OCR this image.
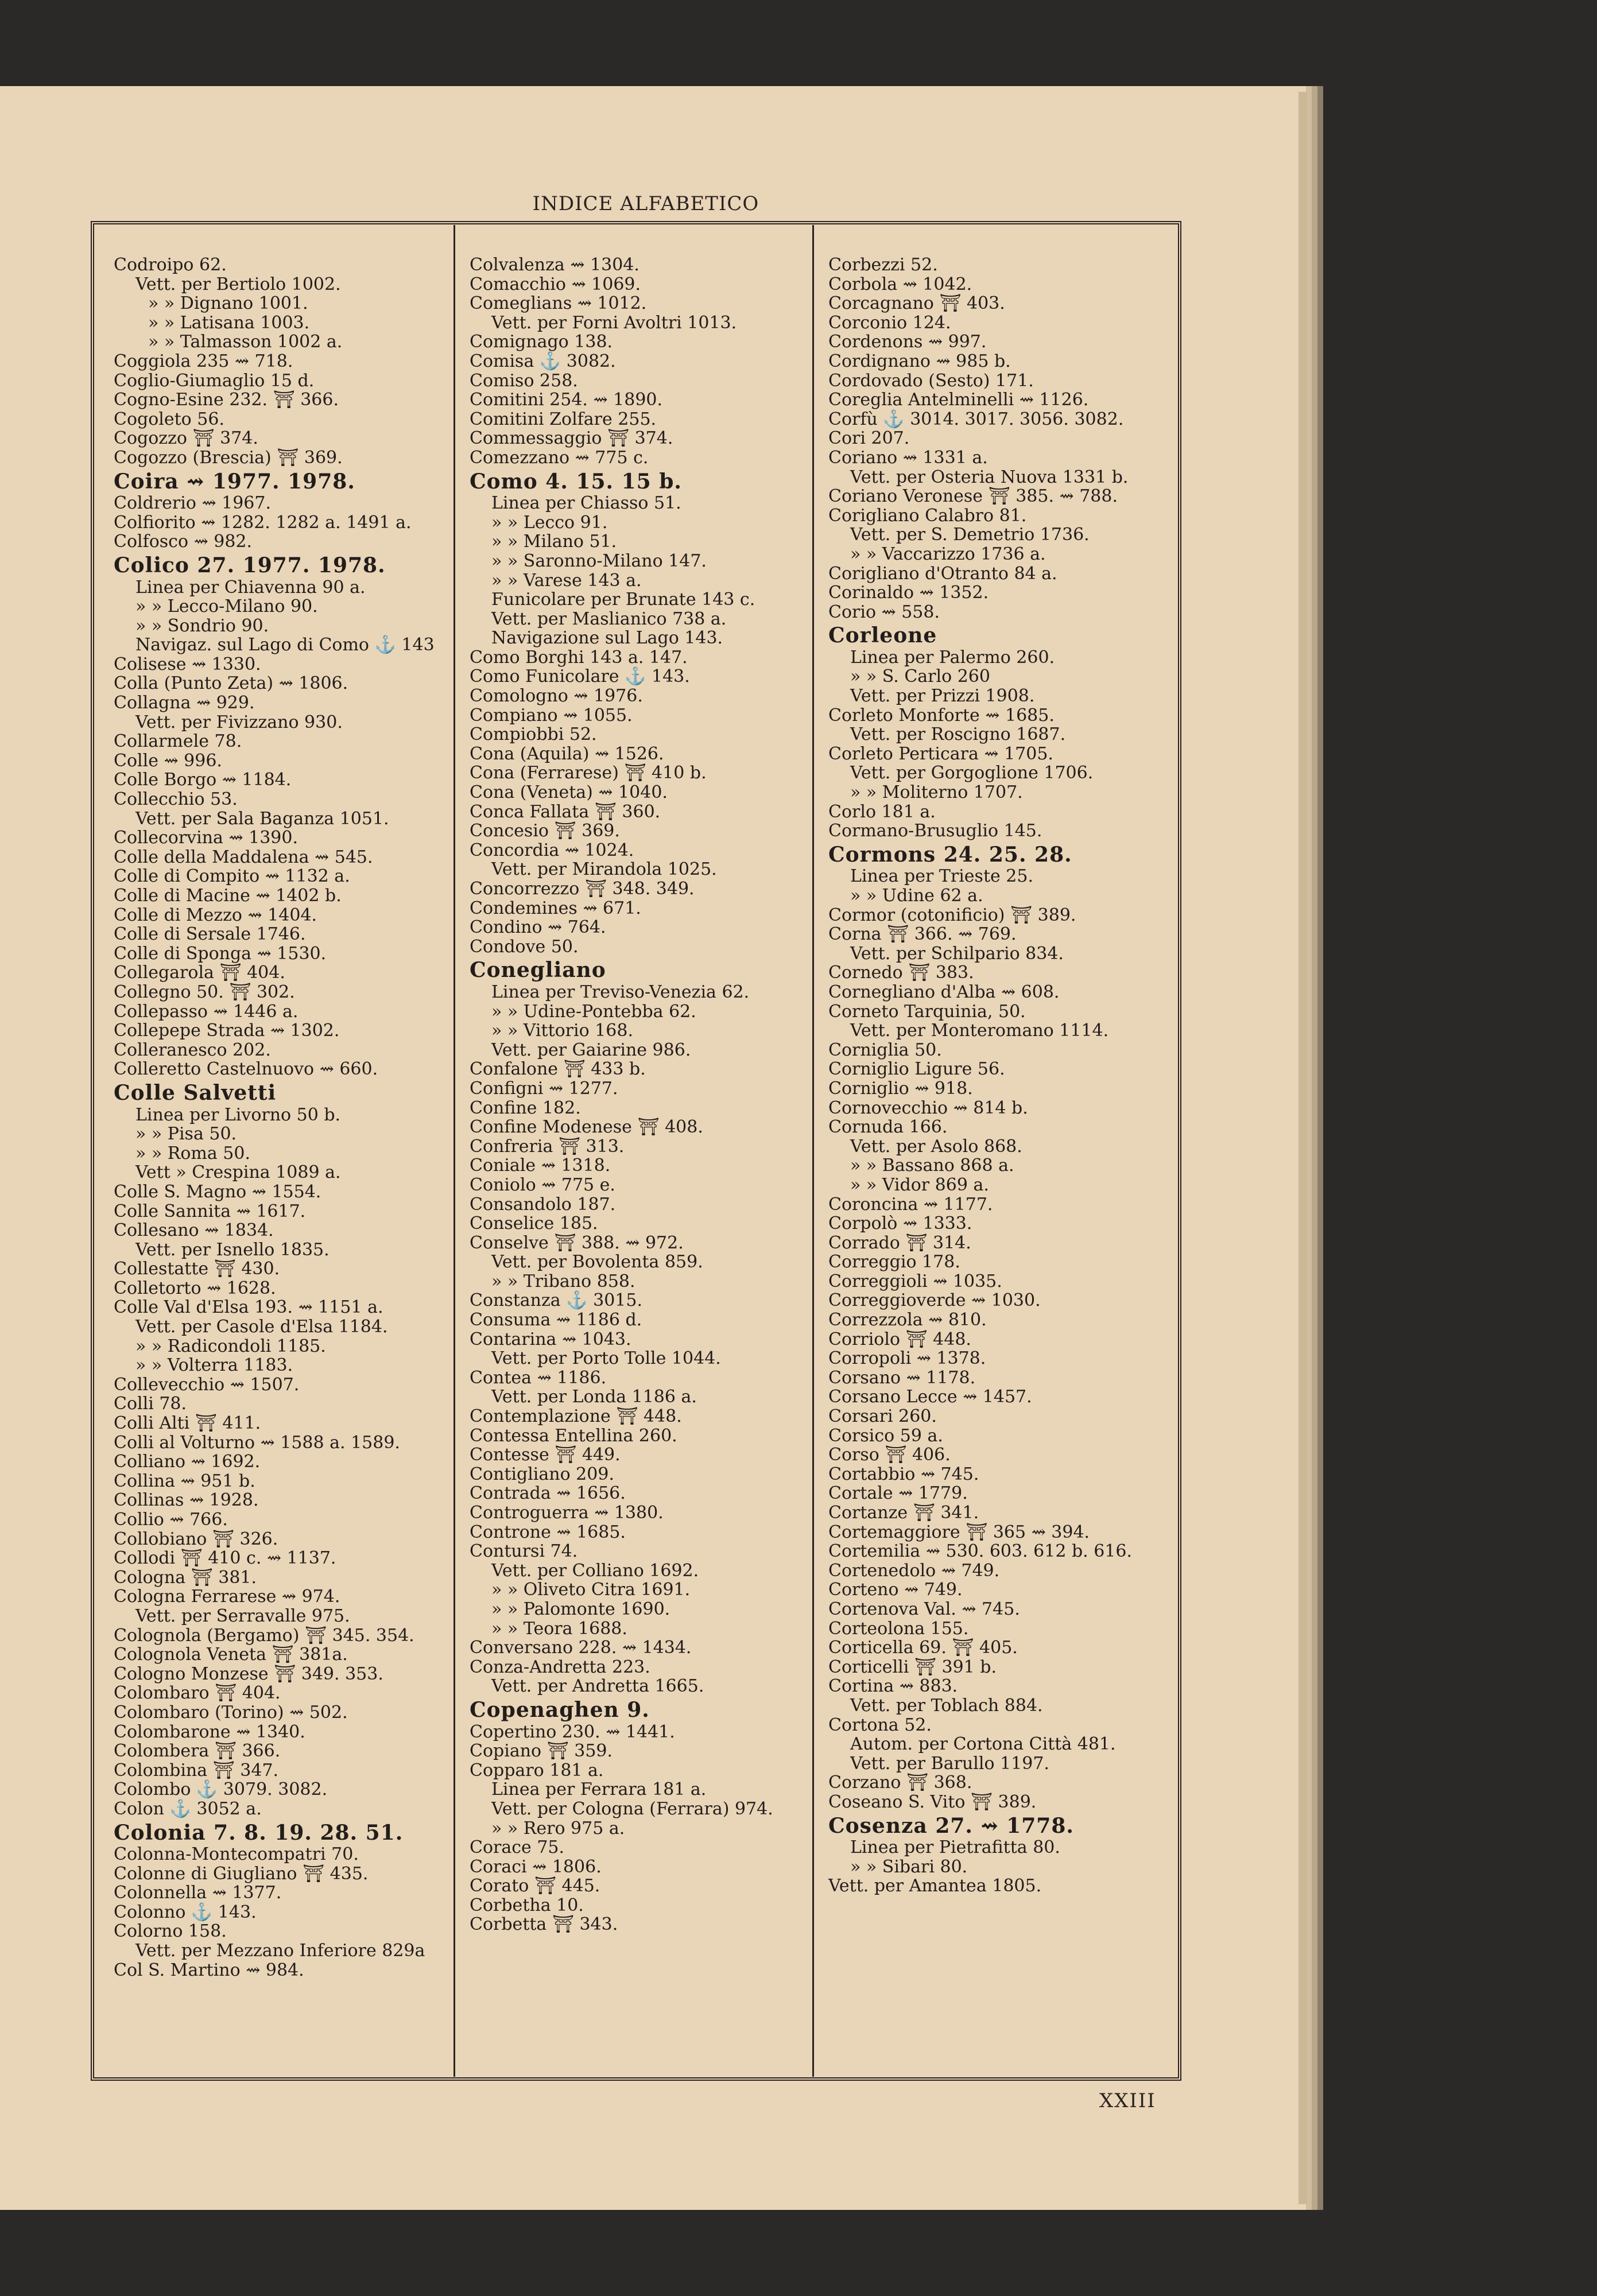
INDICE ALFABETICO
Codroipo 62.
Vett. per Bertiolo 1002.
» » Dignano 1001.
» » Latisana 1003.
» » Talmasson 1002 a.
Coggiola 235 ⇝ 718.
Coglio-Giumaglio 15 d.
Cogno-Esine 232. ⛩ 366.
Cogoleto 56.
Cogozzo ⛩ 374.
Cogozzo (Brescia) ⛩ 369.
Coira ⇝ 1977. 1978.
Coldrerio ⇝ 1967.
Colfiorito ⇝ 1282. 1282 a. 1491 a.
Colfosco ⇝ 982.
Colico 27. 1977. 1978.
Linea per Chiavenna 90 a.
» » Lecco-Milano 90.
» » Sondrio 90.
Navigaz. sul Lago di Como ⚓ 143
Colisese ⇝ 1330.
Colla (Punto Zeta) ⇝ 1806.
Collagna ⇝ 929.
Vett. per Fivizzano 930.
Collarmele 78.
Colle ⇝ 996.
Colle Borgo ⇝ 1184.
Collecchio 53.
Vett. per Sala Baganza 1051.
Collecorvina ⇝ 1390.
Colle della Maddalena ⇝ 545.
Colle di Compito ⇝ 1132 a.
Colle di Macine ⇝ 1402 b.
Colle di Mezzo ⇝ 1404.
Colle di Sersale 1746.
Colle di Sponga ⇝ 1530.
Collegarola ⛩ 404.
Collegno 50. ⛩ 302.
Collepasso ⇝ 1446 a.
Collepepe Strada ⇝ 1302.
Colleranesco 202.
Colleretto Castelnuovo ⇝ 660.
Colle Salvetti
Linea per Livorno 50 b.
» » Pisa 50.
» » Roma 50.
Vett » Crespina 1089 a.
Colle S. Magno ⇝ 1554.
Colle Sannita ⇝ 1617.
Collesano ⇝ 1834.
Vett. per Isnello 1835.
Collestatte ⛩ 430.
Colletorto ⇝ 1628.
Colle Val d'Elsa 193. ⇝ 1151 a.
Vett. per Casole d'Elsa 1184.
» » Radicondoli 1185.
» » Volterra 1183.
Collevecchio ⇝ 1507.
Colli 78.
Colli Alti ⛩ 411.
Colli al Volturno ⇝ 1588 a. 1589.
Colliano ⇝ 1692.
Collina ⇝ 951 b.
Collinas ⇝ 1928.
Collio ⇝ 766.
Collobiano ⛩ 326.
Collodi ⛩ 410 c. ⇝ 1137.
Cologna ⛩ 381.
Cologna Ferrarese ⇝ 974.
Vett. per Serravalle 975.
Colognola (Bergamo) ⛩ 345. 354.
Colognola Veneta ⛩ 381a.
Cologno Monzese ⛩ 349. 353.
Colombaro ⛩ 404.
Colombaro (Torino) ⇝ 502.
Colombarone ⇝ 1340.
Colombera ⛩ 366.
Colombina ⛩ 347.
Colombo ⚓ 3079. 3082.
Colon ⚓ 3052 a.
Colonia 7. 8. 19. 28. 51.
Colonna-Montecompatri 70.
Colonne di Giugliano ⛩ 435.
Colonnella ⇝ 1377.
Colonno ⚓ 143.
Colorno 158.
Vett. per Mezzano Inferiore 829a
Col S. Martino ⇝ 984.
Colvalenza ⇝ 1304.
Comacchio ⇝ 1069.
Comeglians ⇝ 1012.
Vett. per Forni Avoltri 1013.
Comignago 138.
Comisa ⚓ 3082.
Comiso 258.
Comitini 254. ⇝ 1890.
Comitini Zolfare 255.
Commessaggio ⛩ 374.
Comezzano ⇝ 775 c.
Como 4. 15. 15 b.
Linea per Chiasso 51.
» » Lecco 91.
» » Milano 51.
» » Saronno-Milano 147.
» » Varese 143 a.
Funicolare per Brunate 143 c.
Vett. per Maslianico 738 a.
Navigazione sul Lago 143.
Como Borghi 143 a. 147.
Como Funicolare ⚓ 143.
Comologno ⇝ 1976.
Compiano ⇝ 1055.
Compiobbi 52.
Cona (Aquila) ⇝ 1526.
Cona (Ferrarese) ⛩ 410 b.
Cona (Veneta) ⇝ 1040.
Conca Fallata ⛩ 360.
Concesio ⛩ 369.
Concordia ⇝ 1024.
Vett. per Mirandola 1025.
Concorrezzo ⛩ 348. 349.
Condemines ⇝ 671.
Condino ⇝ 764.
Condove 50.
Conegliano
Linea per Treviso-Venezia 62.
» » Udine-Pontebba 62.
» » Vittorio 168.
Vett. per Gaiarine 986.
Confalone ⛩ 433 b.
Configni ⇝ 1277.
Confine 182.
Confine Modenese ⛩ 408.
Confreria ⛩ 313.
Coniale ⇝ 1318.
Coniolo ⇝ 775 e.
Consandolo 187.
Conselice 185.
Conselve ⛩ 388. ⇝ 972.
Vett. per Bovolenta 859.
» » Tribano 858.
Constanza ⚓ 3015.
Consuma ⇝ 1186 d.
Contarina ⇝ 1043.
Vett. per Porto Tolle 1044.
Contea ⇝ 1186.
Vett. per Londa 1186 a.
Contemplazione ⛩ 448.
Contessa Entellina 260.
Contesse ⛩ 449.
Contigliano 209.
Contrada ⇝ 1656.
Controguerra ⇝ 1380.
Controne ⇝ 1685.
Contursi 74.
Vett. per Colliano 1692.
» » Oliveto Citra 1691.
» » Palomonte 1690.
» » Teora 1688.
Conversano 228. ⇝ 1434.
Conza-Andretta 223.
Vett. per Andretta 1665.
Copenaghen 9.
Copertino 230. ⇝ 1441.
Copiano ⛩ 359.
Copparo 181 a.
Linea per Ferrara 181 a.
Vett. per Cologna (Ferrara) 974.
» » Rero 975 a.
Corace 75.
Coraci ⇝ 1806.
Corato ⛩ 445.
Corbetha 10.
Corbetta ⛩ 343.
Corbezzi 52.
Corbola ⇝ 1042.
Corcagnano ⛩ 403.
Corconio 124.
Cordenons ⇝ 997.
Cordignano ⇝ 985 b.
Cordovado (Sesto) 171.
Coreglia Antelminelli ⇝ 1126.
Corfù ⚓ 3014. 3017. 3056. 3082.
Cori 207.
Coriano ⇝ 1331 a.
Vett. per Osteria Nuova 1331 b.
Coriano Veronese ⛩ 385. ⇝ 788.
Corigliano Calabro 81.
Vett. per S. Demetrio 1736.
» » Vaccarizzo 1736 a.
Corigliano d'Otranto 84 a.
Corinaldo ⇝ 1352.
Corio ⇝ 558.
Corleone
Linea per Palermo 260.
» » S. Carlo 260
Vett. per Prizzi 1908.
Corleto Monforte ⇝ 1685.
Vett. per Roscigno 1687.
Corleto Perticara ⇝ 1705.
Vett. per Gorgoglione 1706.
» » Moliterno 1707.
Corlo 181 a.
Cormano-Brusuglio 145.
Cormons 24. 25. 28.
Linea per Trieste 25.
» » Udine 62 a.
Cormor (cotonificio) ⛩ 389.
Corna ⛩ 366. ⇝ 769.
Vett. per Schilpario 834.
Cornedo ⛩ 383.
Cornegliano d'Alba ⇝ 608.
Corneto Tarquinia, 50.
Vett. per Monteromano 1114.
Corniglia 50.
Corniglio Ligure 56.
Corniglio ⇝ 918.
Cornovecchio ⇝ 814 b.
Cornuda 166.
Vett. per Asolo 868.
» » Bassano 868 a.
» » Vidor 869 a.
Coroncina ⇝ 1177.
Corpolò ⇝ 1333.
Corrado ⛩ 314.
Correggio 178.
Correggioli ⇝ 1035.
Correggioverde ⇝ 1030.
Correzzola ⇝ 810.
Corriolo ⛩ 448.
Corropoli ⇝ 1378.
Corsano ⇝ 1178.
Corsano Lecce ⇝ 1457.
Corsari 260.
Corsico 59 a.
Corso ⛩ 406.
Cortabbio ⇝ 745.
Cortale ⇝ 1779.
Cortanze ⛩ 341.
Cortemaggiore ⛩ 365 ⇝ 394.
Cortemilia ⇝ 530. 603. 612 b. 616.
Cortenedolo ⇝ 749.
Corteno ⇝ 749.
Cortenova Val. ⇝ 745.
Corteolona 155.
Corticella 69. ⛩ 405.
Corticelli ⛩ 391 b.
Cortina ⇝ 883.
Vett. per Toblach 884.
Cortona 52.
Autom. per Cortona Città 481.
Vett. per Barullo 1197.
Corzano ⛩ 368.
Coseano S. Vito ⛩ 389.
Cosenza 27. ⇝ 1778.
Linea per Pietrafitta 80.
» » Sibari 80.
Vett. per Amantea 1805.
XXIII
